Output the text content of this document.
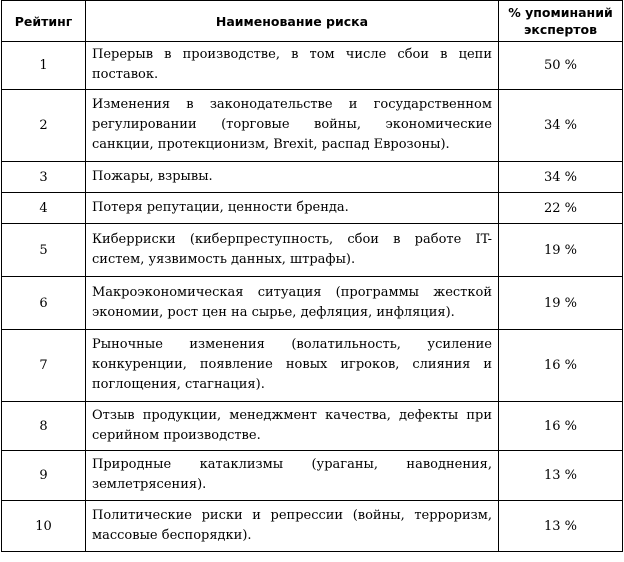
Рейтинг	Наименование риска	% упоминаний экспертов
1	Перерыв в производстве, в том числе сбои в цепи поставок.	50 %
2	Изменения в законодательстве и государственном регулировании (торговые войны, экономические санкции, протекционизм, Brexit, распад Еврозоны).	34 %
3	Пожары, взрывы.	34 %
4	Потеря репутации, ценности бренда.	22 %
5	Киберриски (киберпреступность, сбои в работе IT-систем, уязвимость данных, штрафы).	19 %
6	Макроэкономическая ситуация (программы жесткой экономии, рост цен на сырье, дефляция, инфляция).	19 %
7	Рыночные изменения (волатильность, усиление конкуренции, появление новых игроков, слияния и поглощения, стагнация).	16 %
8	Отзыв продукции, менеджмент качества, дефекты при серийном производстве.	16 %
9	Природные катаклизмы (ураганы, наводнения, землетрясения).	13 %
10	Политические риски и репрессии (войны, терроризм, массовые беспорядки).	13 %
